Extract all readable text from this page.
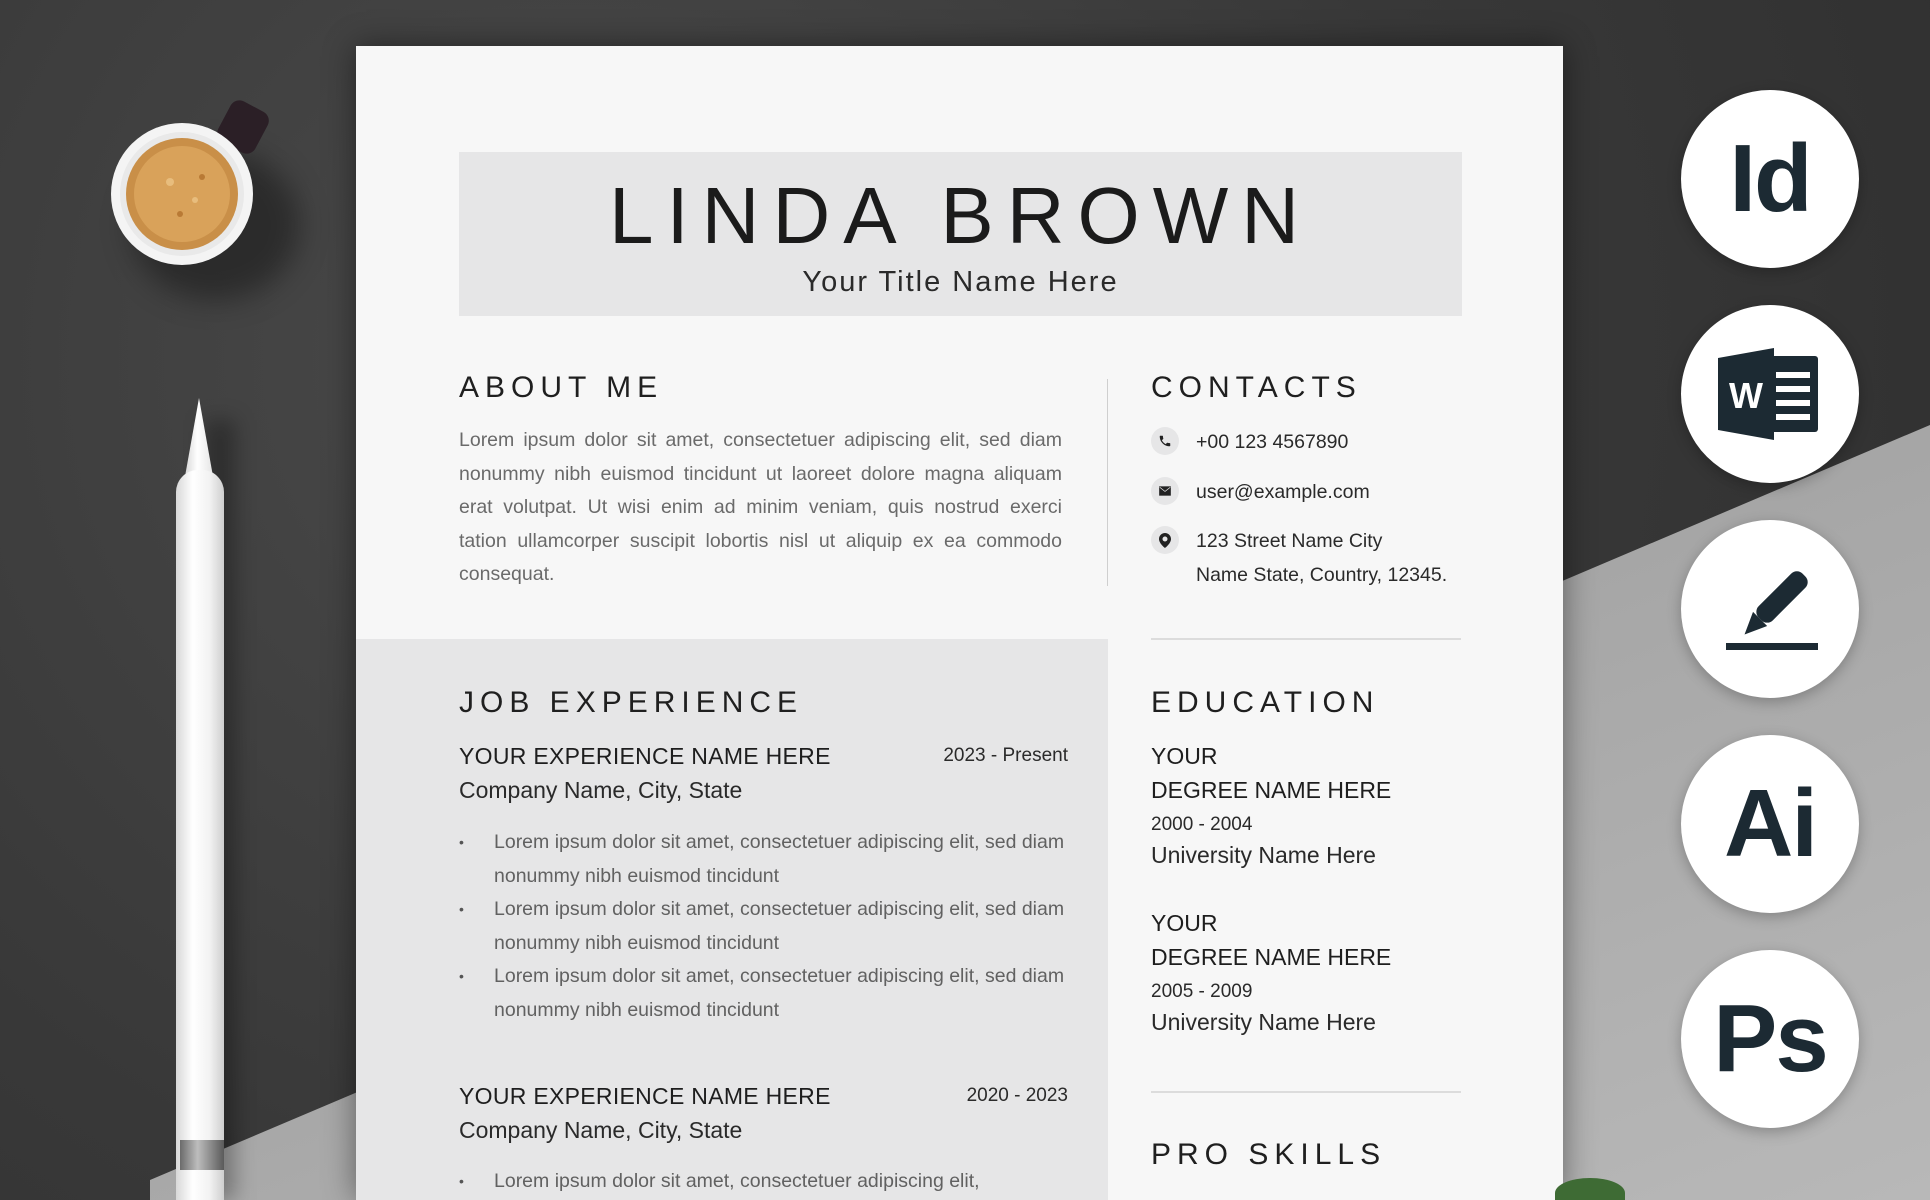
LINDA BROWN
Your Title Name Here
ABOUT ME
Lorem ipsum dolor sit amet, consectetuer adipiscing elit, sed diam nonummy nibh euismod tincidunt ut laoreet dolore magna aliquam erat volutpat. Ut wisi enim ad minim veniam, quis nostrud exerci tation ullamcorper suscipit lobortis nisl ut aliquip ex ea commodo consequat.
CONTACTS
+00 123 4567890
user@example.com
123 Street Name City
Name State, Country, 12345.
JOB EXPERIENCE
YOUR EXPERIENCE NAME HERE	2023 - Present
Company Name, City, State
• Lorem ipsum dolor sit amet, consectetuer adipiscing elit, sed diam nonummy nibh euismod tincidunt
• Lorem ipsum dolor sit amet, consectetuer adipiscing elit, sed diam nonummy nibh euismod tincidunt
• Lorem ipsum dolor sit amet, consectetuer adipiscing elit, sed diam nonummy nibh euismod tincidunt
YOUR EXPERIENCE NAME HERE	2020 - 2023
Company Name, City, State
• Lorem ipsum dolor sit amet, consectetuer adipiscing elit,
EDUCATION
YOUR
DEGREE NAME HERE
2000 - 2004
University Name Here
YOUR
DEGREE NAME HERE
2005 - 2009
University Name Here
PRO SKILLS
Id
W
Ai
Ps
